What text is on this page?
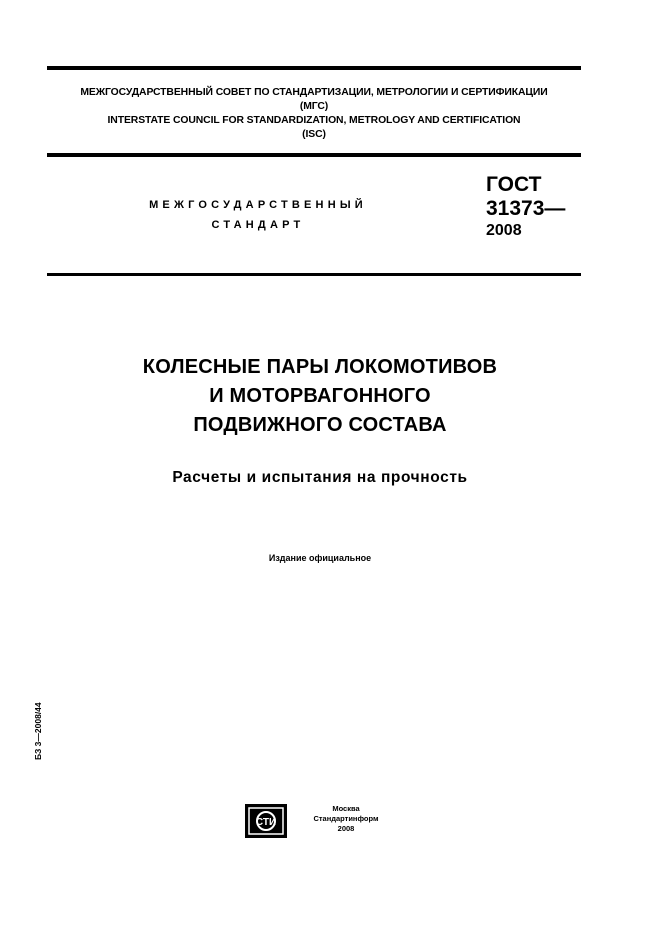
МЕЖГОСУДАРСТВЕННЫЙ СОВЕТ ПО СТАНДАРТИЗАЦИИ, МЕТРОЛОГИИ И СЕРТИФИКАЦИИ
(МГС)
INTERSTATE COUNCIL FOR STANDARDIZATION, METROLOGY AND CERTIFICATION
(ISC)
МЕЖГОСУДАРСТВЕННЫЙ
СТАНДАРТ
ГОСТ
31373—
2008
КОЛЕСНЫЕ ПАРЫ ЛОКОМОТИВОВ
И МОТОРВАГОННОГО
ПОДВИЖНОГО СОСТАВА
Расчеты и испытания на прочность
Издание официальное
БЗ 3—2008/44
СТИ
Москва
Стандартинформ
2008
